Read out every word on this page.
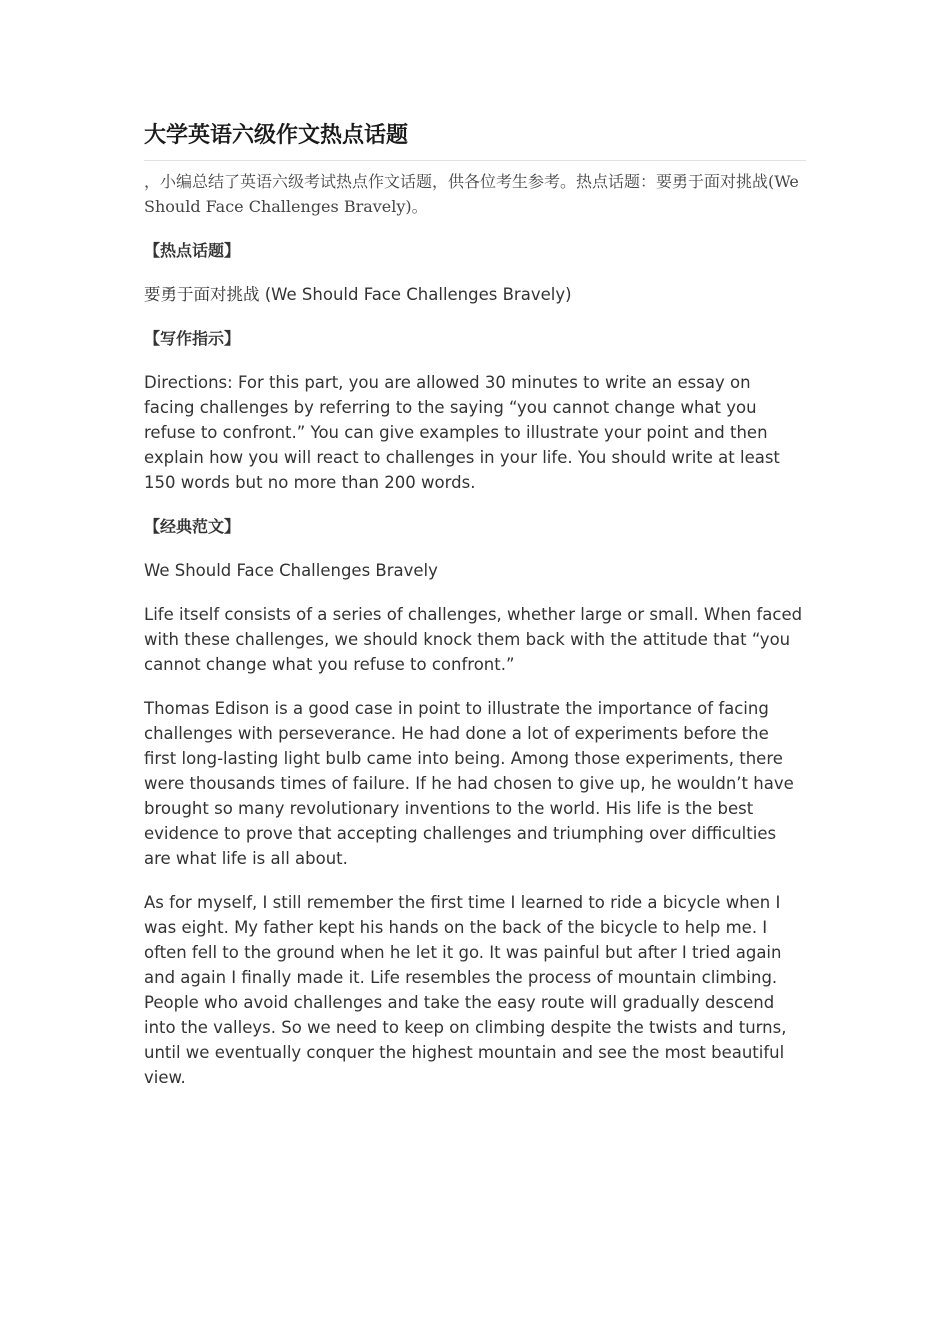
大学英语六级作文热点话题

，小编总结了英语六级考试热点作文话题，供各位考生参考。热点话题：要勇于面对挑战(We Should Face Challenges Bravely)。

【热点话题】

要勇于面对挑战 (We Should Face Challenges Bravely)

【写作指示】

Directions: For this part, you are allowed 30 minutes to write an essay on facing challenges by referring to the saying “you cannot change what you refuse to confront.” You can give examples to illustrate your point and then explain how you will react to challenges in your life. You should write at least 150 words but no more than 200 words.

【经典范文】

We Should Face Challenges Bravely

Life itself consists of a series of challenges, whether large or small. When faced with these challenges, we should knock them back with the attitude that “you cannot change what you refuse to confront.”

Thomas Edison is a good case in point to illustrate the importance of facing challenges with perseverance. He had done a lot of experiments before the first long-lasting light bulb came into being. Among those experiments, there were thousands times of failure. If he had chosen to give up, he wouldn’t have brought so many revolutionary inventions to the world. His life is the best evidence to prove that accepting challenges and triumphing over difficulties are what life is all about.

As for myself, I still remember the first time I learned to ride a bicycle when I was eight. My father kept his hands on the back of the bicycle to help me. I often fell to the ground when he let it go. It was painful but after I tried again and again I finally made it. Life resembles the process of mountain climbing. People who avoid challenges and take the easy route will gradually descend into the valleys. So we need to keep on climbing despite the twists and turns, until we eventually conquer the highest mountain and see the most beautiful view.
